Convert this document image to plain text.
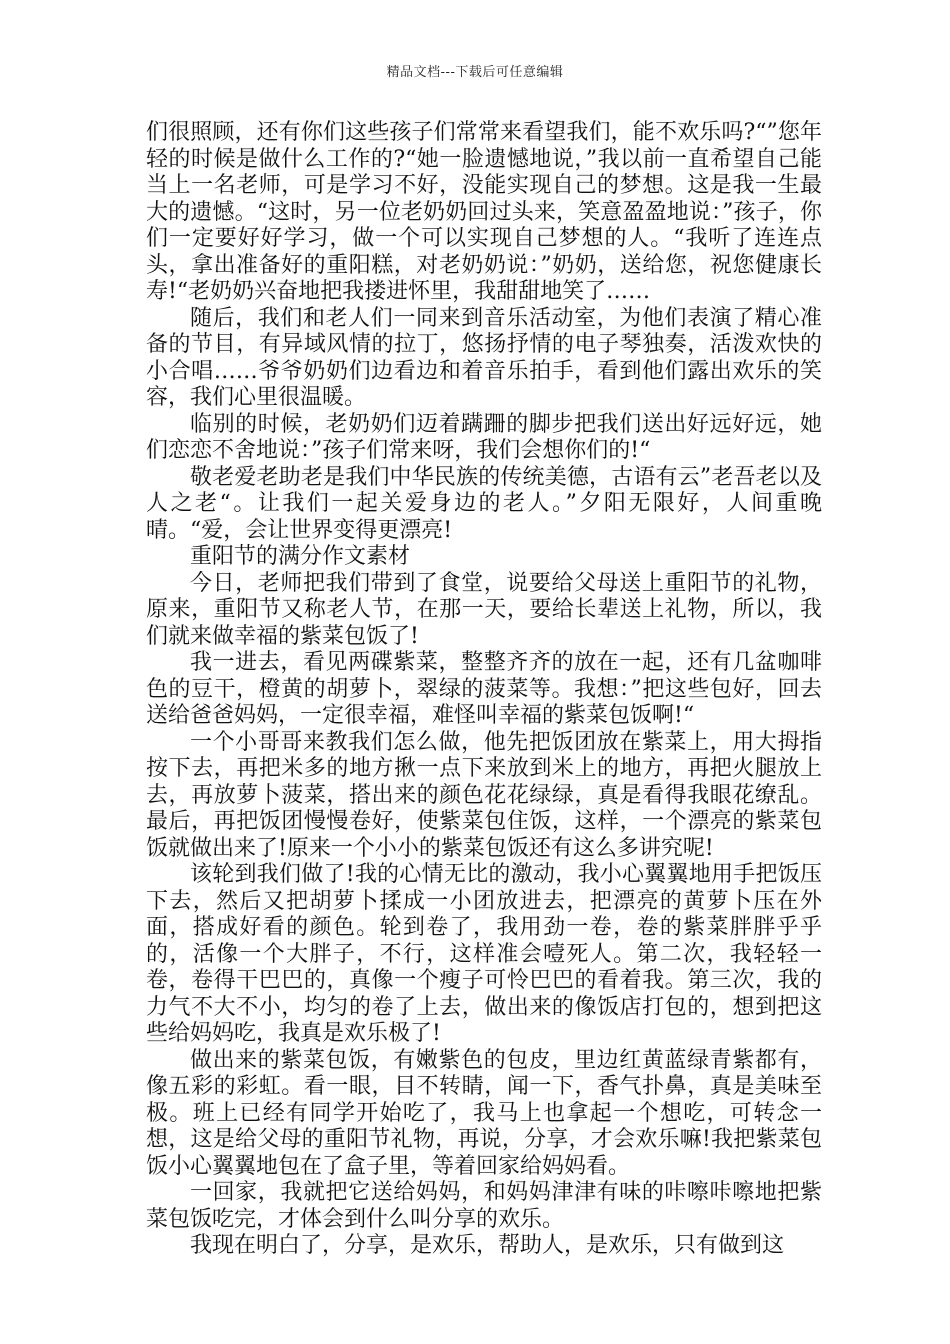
精品文档---下载后可任意编辑

们很照顾，还有你们这些孩子们常常来看望我们，能不欢乐吗?“”您年轻的时候是做什么工作的?“她一脸遗憾地说，”我以前一直希望自己能当上一名老师，可是学习不好，没能实现自己的梦想。这是我一生最大的遗憾。“这时，另一位老奶奶回过头来，笑意盈盈地说：”孩子，你们一定要好好学习，做一个可以实现自己梦想的人。“我听了连连点头，拿出准备好的重阳糕，对老奶奶说：”奶奶，送给您，祝您健康长寿!“老奶奶兴奋地把我搂进怀里，我甜甜地笑了……

随后，我们和老人们一同来到音乐活动室，为他们表演了精心准备的节目，有异域风情的拉丁，悠扬抒情的电子琴独奏，活泼欢快的小合唱……爷爷奶奶们边看边和着音乐拍手，看到他们露出欢乐的笑容，我们心里很温暖。

临别的时候，老奶奶们迈着蹒跚的脚步把我们送出好远好远，她们恋恋不舍地说：”孩子们常来呀，我们会想你们的!“

敬老爱老助老是我们中华民族的传统美德，古语有云”老吾老以及人之老“。让我们一起关爱身边的老人。”夕阳无限好，人间重晚晴。“爱，会让世界变得更漂亮!

重阳节的满分作文素材

今日，老师把我们带到了食堂，说要给父母送上重阳节的礼物，原来，重阳节又称老人节，在那一天，要给长辈送上礼物，所以，我们就来做幸福的紫菜包饭了!

我一进去，看见两碟紫菜，整整齐齐的放在一起，还有几盆咖啡色的豆干，橙黄的胡萝卜，翠绿的菠菜等。我想：”把这些包好，回去送给爸爸妈妈，一定很幸福，难怪叫幸福的紫菜包饭啊!“

一个小哥哥来教我们怎么做，他先把饭团放在紫菜上，用大拇指按下去，再把米多的地方揪一点下来放到米上的地方，再把火腿放上去，再放萝卜菠菜，搭出来的颜色花花绿绿，真是看得我眼花缭乱。最后，再把饭团慢慢卷好，使紫菜包住饭，这样，一个漂亮的紫菜包饭就做出来了!原来一个小小的紫菜包饭还有这么多讲究呢!

该轮到我们做了!我的心情无比的激动，我小心翼翼地用手把饭压下去，然后又把胡萝卜揉成一小团放进去，把漂亮的黄萝卜压在外面，搭成好看的颜色。轮到卷了，我用劲一卷，卷的紫菜胖胖乎乎的，活像一个大胖子，不行，这样准会噎死人。第二次，我轻轻一卷，卷得干巴巴的，真像一个瘦子可怜巴巴的看着我。第三次，我的力气不大不小，均匀的卷了上去，做出来的像饭店打包的，想到把这些给妈妈吃，我真是欢乐极了!

做出来的紫菜包饭，有嫩紫色的包皮，里边红黄蓝绿青紫都有，像五彩的彩虹。看一眼，目不转睛，闻一下，香气扑鼻，真是美味至极。班上已经有同学开始吃了，我马上也拿起一个想吃，可转念一想，这是给父母的重阳节礼物，再说，分享，才会欢乐嘛!我把紫菜包饭小心翼翼地包在了盒子里，等着回家给妈妈看。

一回家，我就把它送给妈妈，和妈妈津津有味的咔嚓咔嚓地把紫菜包饭吃完，才体会到什么叫分享的欢乐。

我现在明白了，分享，是欢乐，帮助人，是欢乐，只有做到这
